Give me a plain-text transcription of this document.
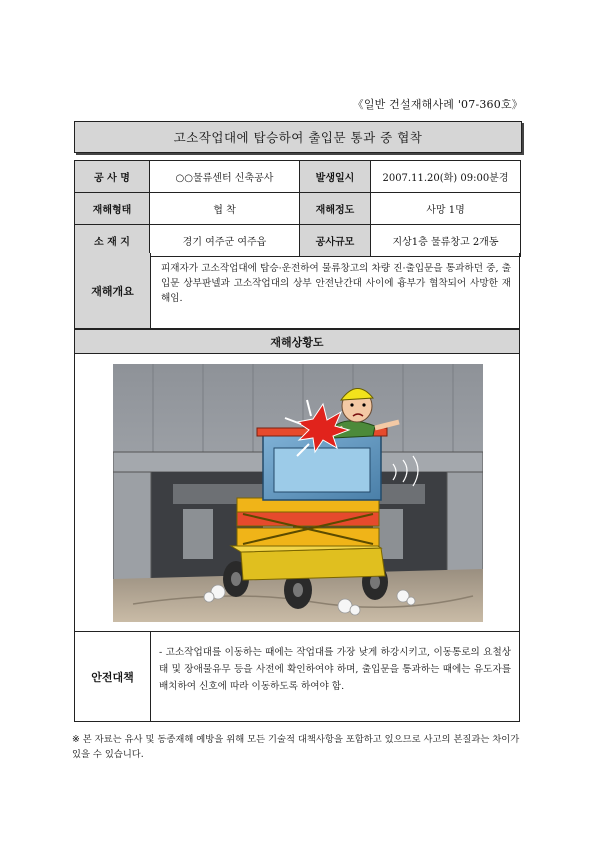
《일반 건설재해사례 '07-360호》
고소작업대에 탑승하여 출입문 통과 중 협착
공 사 명	○○물류센터 신축공사	발생일시	2007.11.20(화) 09:00분경
재해형태	협 착	재해정도	사망 1명
소 재 지	경기 여주군 여주읍	공사규모	지상1층 물류창고 2개동
재해개요
피재자가 고소작업대에 탑승·운전하여 물류창고의 차량 진·출입문을 통과하던 중, 출입문 상부판넬과 고소작업대의 상부 안전난간대 사이에 흉부가 협착되어 사망한 재해임.
재해상황도
안전대책
- 고소작업대를 이동하는 때에는 작업대를 가장 낮게 하강시키고, 이동통로의 요철상태 및 장애물유무 등을 사전에 확인하여야 하며, 출입문을 통과하는 때에는 유도자를 배치하여 신호에 따라 이동하도록 하여야 함.
※ 본 자료는 유사 및 동종재해 예방을 위해 모든 기술적 대책사항을 포함하고 있으므로 사고의 본질과는 차이가 있을 수 있습니다.
